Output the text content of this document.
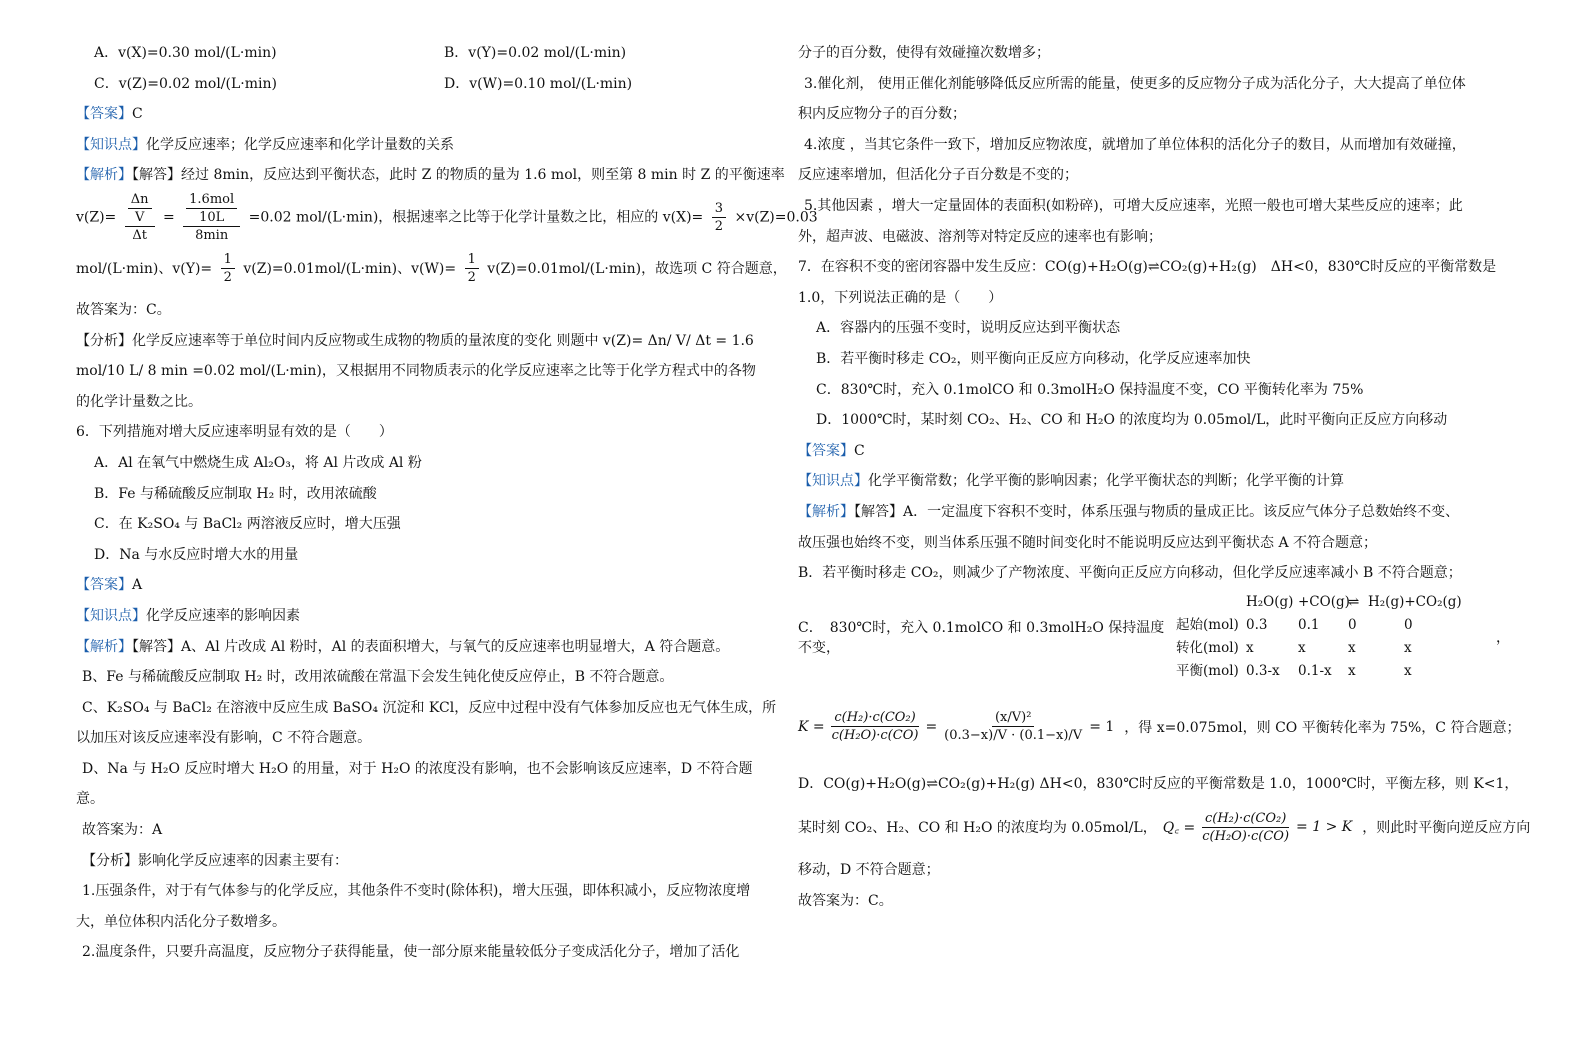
A．v(X)=0.30 mol/(L·min)	B．v(Y)=0.02 mol/(L·min)
C．v(Z)=0.02 mol/(L·min)	D．v(W)=0.10 mol/(L·min)
【答案】C
【知识点】化学反应速率；化学反应速率和化学计量数的关系
【解析】【解答】经过 8min，反应达到平衡状态，此时 Z 的物质的量为 1.6 mol，则至第 8 min 时 Z 的平衡速率
$v(Z)= \frac{\frac{\Delta n}{V}}{\Delta t} = \frac{\frac{\text{1.6mol}}{10L}}{8\min} =0.02$ mol/(L·min)，根据速率之比等于化学计量数之比，相应的 $v(X)= \frac{3}{2} \times v(Z)=0.03$
mol/(L·min)、$v(Y)= \frac{1}{2} v(Z)=0.01mol/(L\cdot\min)$、$v(W)= \frac{1}{2} v(Z)=0.01mol/(L\cdot\min)$，故选项 C 符合题意，
故答案为：C。
【分析】化学反应速率等于单位时间内反应物或生成物的物质的量浓度的变化 则题中 v(Z)= Δn/ V/ Δt = 1.6
mol/10 L/ 8 min =0.02 mol/(L·min)，又根据用不同物质表示的化学反应速率之比等于化学方程式中的各物
的化学计量数之比。
6．下列措施对增大反应速率明显有效的是（　　）
A．Al 在氧气中燃烧生成 Al₂O₃，将 Al 片改成 Al 粉
B．Fe 与稀硫酸反应制取 H₂ 时，改用浓硫酸
C．在 K₂SO₄ 与 BaCl₂ 两溶液反应时，增大压强
D．Na 与水反应时增大水的用量
【答案】A
【知识点】化学反应速率的影响因素
【解析】【解答】A、Al 片改成 Al 粉时，Al 的表面积增大，与氧气的反应速率也明显增大，A 符合题意。
B、Fe 与稀硫酸反应制取 H₂ 时，改用浓硫酸在常温下会发生钝化使反应停止，B 不符合题意。
C、K₂SO₄ 与 BaCl₂ 在溶液中反应生成 BaSO₄ 沉淀和 KCl，反应中过程中没有气体参加反应也无气体生成，所
以加压对该反应速率没有影响，C 不符合题意。
D、Na 与 H₂O 反应时增大 H₂O 的用量，对于 H₂O 的浓度没有影响，也不会影响该反应速率，D 不符合题
意。
故答案为：A
【分析】影响化学反应速率的因素主要有：
1.压强条件，对于有气体参与的化学反应，其他条件不变时(除体积)，增大压强，即体积减小，反应物浓度增
大，单位体积内活化分子数增多。
2.温度条件，只要升高温度，反应物分子获得能量，使一部分原来能量较低分子变成活化分子，增加了活化
分子的百分数，使得有效碰撞次数增多；
3.催化剂， 使用正催化剂能够降低反应所需的能量，使更多的反应物分子成为活化分子，大大提高了单位体
积内反应物分子的百分数；
4.浓度 ，当其它条件一致下，增加反应物浓度，就增加了单位体积的活化分子的数目，从而增加有效碰撞，
反应速率增加，但活化分子百分数是不变的；
5.其他因素 ，增大一定量固体的表面积(如粉碎)，可增大反应速率，光照一般也可增大某些反应的速率；此
外，超声波、电磁波、溶剂等对特定反应的速率也有影响；
7．在容积不变的密闭容器中发生反应：CO(g)+H₂O(g)⇌CO₂(g)+H₂(g)　ΔH<0，830℃时反应的平衡常数是
1.0，下列说法正确的是（　　）
A．容器内的压强不变时，说明反应达到平衡状态
B．若平衡时移走 CO₂，则平衡向正反应方向移动，化学反应速率加快
C．830℃时，充入 0.1molCO 和 0.3molH₂O 保持温度不变，CO 平衡转化率为 75%
D．1000℃时，某时刻 CO₂、H₂、CO 和 H₂O 的浓度均为 0.05mol/L，此时平衡向正反应方向移动
【答案】C
【知识点】化学平衡常数；化学平衡的影响因素；化学平衡状态的判断；化学平衡的计算
【解析】【解答】A．一定温度下容积不变时，体系压强与物质的量成正比。该反应气体分子总数始终不变、
故压强也始终不变，则当体系压强不随时间变化时不能说明反应达到平衡状态 A 不符合题意；
B．若平衡时移走 CO₂，则减少了产物浓度、平衡向正反应方向移动，但化学反应速率减小 B 不符合题意；
C．　830℃时，充入 0.1molCO 和 0.3molH₂O 保持温度不变，
H₂O(g) +CO(g)
⇌ H₂(g)+CO₂(g)
起始(mol) 0.3	0.1	0	0
转化(mol) x	x	x	x
平衡(mol) 0.3-x	0.1-x	x	x
，
$K = \frac{\text{c(H₂)·c(CO₂)}}{\text{c(H₂O)·c(CO)}} = \frac{\text{(x/V)²}}{(0.3-x)/V \cdot (0.1-x)/V} = 1$ ，得 x=0.075mol，则 CO 平衡转化率为 75%，C 符合题意；
D．CO(g)+H₂O(g)⇌CO₂(g)+H₂(g) ΔH<0，830℃时反应的平衡常数是 1.0，1000℃时，平衡左移，则 K<1，
某时刻 CO₂、H₂、CO 和 H₂O 的浓度均为 0.05mol/L， Q꜀ = $\frac{\text{c(H₂)·c(CO₂)}}{\text{c(H₂O)·c(CO)}} = 1 > K$ ，则此时平衡向逆反应方向
移动，D 不符合题意；
故答案为：C。
